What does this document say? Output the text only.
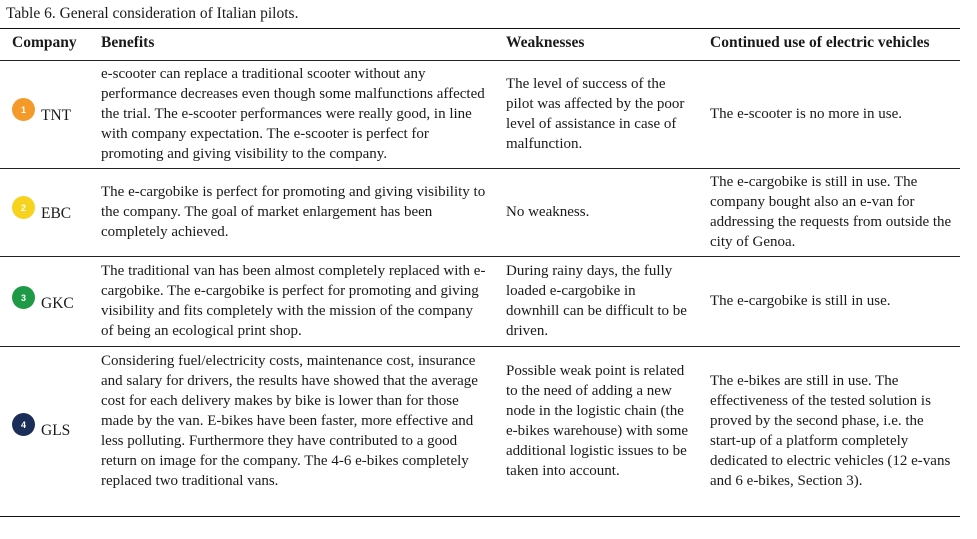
Table 6. General consideration of Italian pilots.
Company Benefits	Weaknesses	Continued use of electric vehicles
1 TNT
e-scooter can replace a traditional scooter without any performance decreases even though some malfunctions affected the trial. The e-scooter performances were really good, in line with company expectation. The e-scooter is perfect for promoting and giving visibility to the company.
The level of success of the pilot was affected by the poor level of assistance in case of malfunction.
The e-scooter is no more in use.
2 EBC
The e-cargobike is perfect for promoting and giving visibility to the company. The goal of market enlargement has been completely achieved.
No weakness.
The e-cargobike is still in use. The company bought also an e-van for addressing the requests from outside the city of Genoa.
3 GKC
The traditional van has been almost completely replaced with e-cargobike. The e-cargobike is perfect for promoting and giving visibility and fits completely with the mission of the company of being an ecological print shop.
During rainy days, the fully loaded e-cargobike in downhill can be difficult to be driven.
The e-cargobike is still in use.
4 GLS
Considering fuel/electricity costs, maintenance cost, insurance and salary for drivers, the results have showed that the average cost for each delivery makes by bike is lower than for those made by the van. E-bikes have been faster, more effective and less polluting. Furthermore they have contributed to a good return on image for the company. The 4-6 e-bikes completely replaced two traditional vans.
Possible weak point is related to the need of adding a new node in the logistic chain (the e-bikes warehouse) with some additional logistic issues to be taken into account.
The e-bikes are still in use. The effectiveness of the tested solution is proved by the second phase, i.e. the start-up of a platform completely dedicated to electric vehicles (12 e-vans and 6 e-bikes, Section 3).
